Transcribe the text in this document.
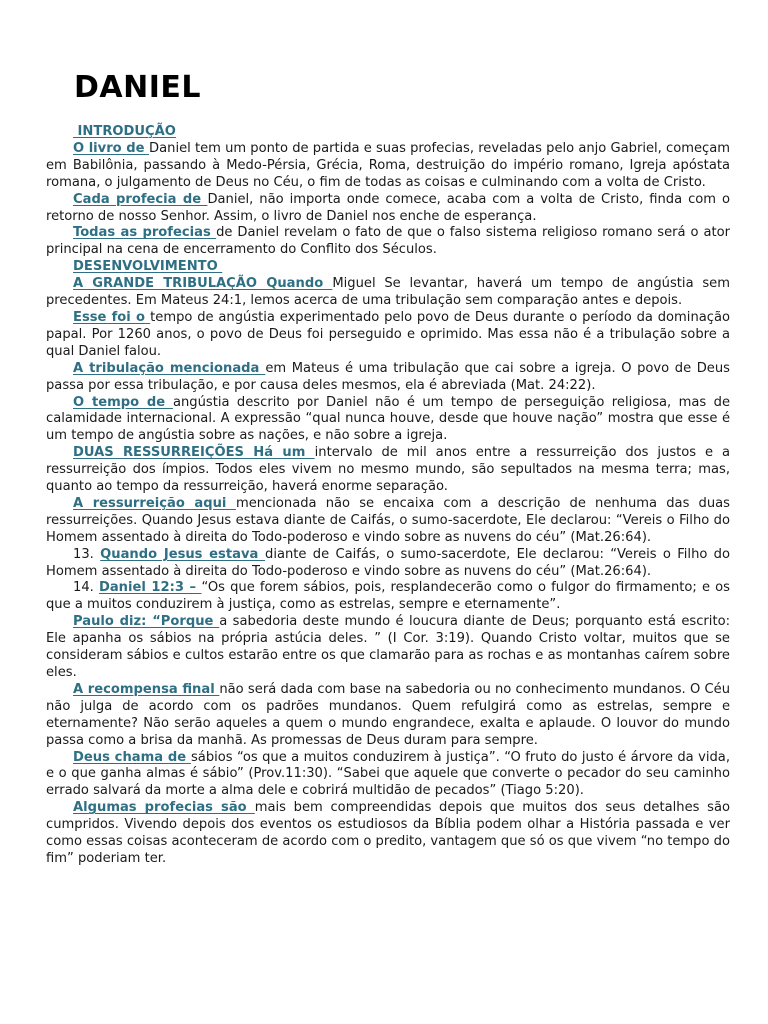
DANIEL
INTRODUÇÃO

O livro de Daniel tem um ponto de partida e suas profecias, reveladas pelo anjo Gabriel, começam em Babilônia, passando à Medo-Pérsia, Grécia, Roma, destruição do império romano, Igreja apóstata romana, o julgamento de Deus no Céu, o fim de todas as coisas e culminando com a volta de Cristo.

Cada profecia de Daniel, não importa onde comece, acaba com a volta de Cristo, finda com o retorno de nosso Senhor. Assim, o livro de Daniel nos enche de esperança.

Todas as profecias de Daniel revelam o fato de que o falso sistema religioso romano será o ator principal na cena de encerramento do Conflito dos Séculos.

DESENVOLVIMENTO

A GRANDE TRIBULAÇÃO Quando Miguel Se levantar, haverá um tempo de angústia sem precedentes. Em Mateus 24:1, lemos acerca de uma tribulação sem comparação antes e depois.

Esse foi o tempo de angústia experimentado pelo povo de Deus durante o período da dominação papal. Por 1260 anos, o povo de Deus foi perseguido e oprimido. Mas essa não é a tribulação sobre a qual Daniel falou.

A tribulação mencionada em Mateus é uma tribulação que cai sobre a igreja. O povo de Deus passa por essa tribulação, e por causa deles mesmos, ela é abreviada (Mat. 24:22).

O tempo de angústia descrito por Daniel não é um tempo de perseguição religiosa, mas de calamidade internacional. A expressão “qual nunca houve, desde que houve nação” mostra que esse é um tempo de angústia sobre as nações, e não sobre a igreja.

DUAS RESSURREIÇÕES Há um intervalo de mil anos entre a ressurreição dos justos e a ressurreição dos ímpios. Todos eles vivem no mesmo mundo, são sepultados na mesma terra; mas, quanto ao tempo da ressurreição, haverá enorme separação.

A ressurreição aqui mencionada não se encaixa com a descrição de nenhuma das duas ressurreições. Quando Jesus estava diante de Caifás, o sumo-sacerdote, Ele declarou: “Vereis o Filho do Homem assentado à direita do Todo-poderoso e vindo sobre as nuvens do céu” (Mat.26:64).

13. Quando Jesus estava diante de Caifás, o sumo-sacerdote, Ele declarou: “Vereis o Filho do Homem assentado à direita do Todo-poderoso e vindo sobre as nuvens do céu” (Mat.26:64).

14. Daniel 12:3 – “Os que forem sábios, pois, resplandecerão como o fulgor do firmamento; e os que a muitos conduzirem à justiça, como as estrelas, sempre e eternamente”.

Paulo diz: “Porque a sabedoria deste mundo é loucura diante de Deus; porquanto está escrito: Ele apanha os sábios na própria astúcia deles. ” (I Cor. 3:19). Quando Cristo voltar, muitos que se consideram sábios e cultos estarão entre os que clamarão para as rochas e as montanhas caírem sobre eles.

A recompensa final não será dada com base na sabedoria ou no conhecimento mundanos. O Céu não julga de acordo com os padrões mundanos. Quem refulgirá como as estrelas, sempre e eternamente? Não serão aqueles a quem o mundo engrandece, exalta e aplaude. O louvor do mundo passa como a brisa da manhã. As promessas de Deus duram para sempre.

Deus chama de sábios “os que a muitos conduzirem à justiça”. “O fruto do justo é árvore da vida, e o que ganha almas é sábio” (Prov.11:30). “Sabei que aquele que converte o pecador do seu caminho errado salvará da morte a alma dele e cobrirá multidão de pecados” (Tiago 5:20).

Algumas profecias são mais bem compreendidas depois que muitos dos seus detalhes são cumpridos. Vivendo depois dos eventos os estudiosos da Bíblia podem olhar a História passada e ver como essas coisas aconteceram de acordo com o predito, vantagem que só os que vivem “no tempo do fim” poderiam ter.
